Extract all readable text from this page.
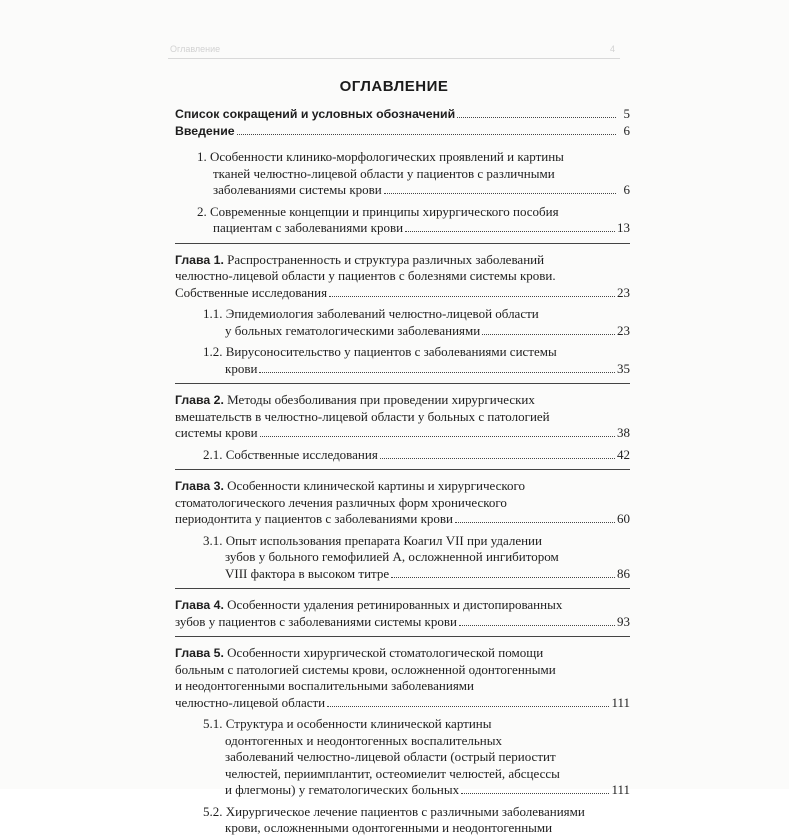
Оглавление	4
ОГЛАВЛЕНИЕ
Список сокращений и условных обозначений	5
Введение	6
1. Особенности клинико-морфологических проявлений и картины
тканей челюстно-лицевой области у пациентов с различными
заболеваниями системы крови	6
2. Современные концепции и принципы хирургического пособия
пациентам с заболеваниями крови	13
Глава 1.
Распространенность и структура различных заболеваний
челюстно-лицевой области у пациентов с болезнями системы крови.
Собственные исследования	23
1.1. Эпидемиология заболеваний челюстно-лицевой области
у больных гематологическими заболеваниями	23
1.2. Вирусоносительство у пациентов с заболеваниями системы
крови	35
Глава 2.
Методы обезболивания при проведении хирургических
вмешательств в челюстно-лицевой области у больных с патологией
системы крови	38
2.1. Собственные исследования	42
Глава 3.
Особенности клинической картины и хирургического
стоматологического лечения различных форм хронического
периодонтита у пациентов с заболеваниями крови	60
3.1. Опыт использования препарата Коагил VII при удалении
зубов у больного гемофилией А, осложненной ингибитором
VIII фактора в высоком титре	86
Глава 4.
Особенности удаления ретинированных и дистопированных
зубов у пациентов с заболеваниями системы крови	93
Глава 5.
Особенности хирургической стоматологической помощи
больным с патологией системы крови, осложненной одонтогенными
и неодонтогенными воспалительными заболеваниями
челюстно-лицевой области	111
5.1. Структура и особенности клинической картины
одонтогенных и неодонтогенных воспалительных
заболеваний челюстно-лицевой области (острый периостит
челюстей, периимплантит, остеомиелит челюстей, абсцессы
и флегмоны) у гематологических больных	111
5.2. Хирургическое лечение пациентов с различными заболеваниями
крови, осложненными одонтогенными и неодонтогенными
